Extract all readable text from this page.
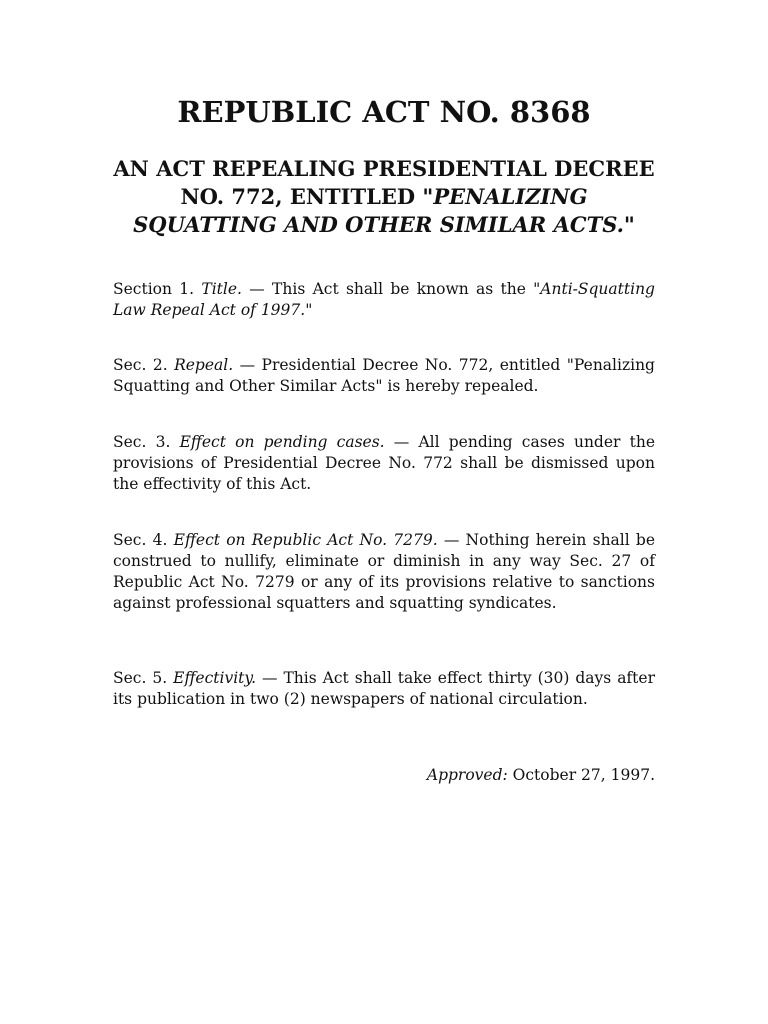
REPUBLIC ACT NO. 8368
AN ACT REPEALING PRESIDENTIAL DECREE NO. 772, ENTITLED "PENALIZING SQUATTING AND OTHER SIMILAR ACTS."

Section 1. Title. — This Act shall be known as the "Anti-Squatting Law Repeal Act of 1997."

Sec. 2. Repeal. — Presidential Decree No. 772, entitled "Penalizing Squatting and Other Similar Acts" is hereby repealed.

Sec. 3. Effect on pending cases. — All pending cases under the provisions of Presidential Decree No. 772 shall be dismissed upon the effectivity of this Act.

Sec. 4. Effect on Republic Act No. 7279. — Nothing herein shall be construed to nullify, eliminate or diminish in any way Sec. 27 of Republic Act No. 7279 or any of its provisions relative to sanctions against professional squatters and squatting syndicates.

Sec. 5. Effectivity. — This Act shall take effect thirty (30) days after its publication in two (2) newspapers of national circulation.

Approved: October 27, 1997.
